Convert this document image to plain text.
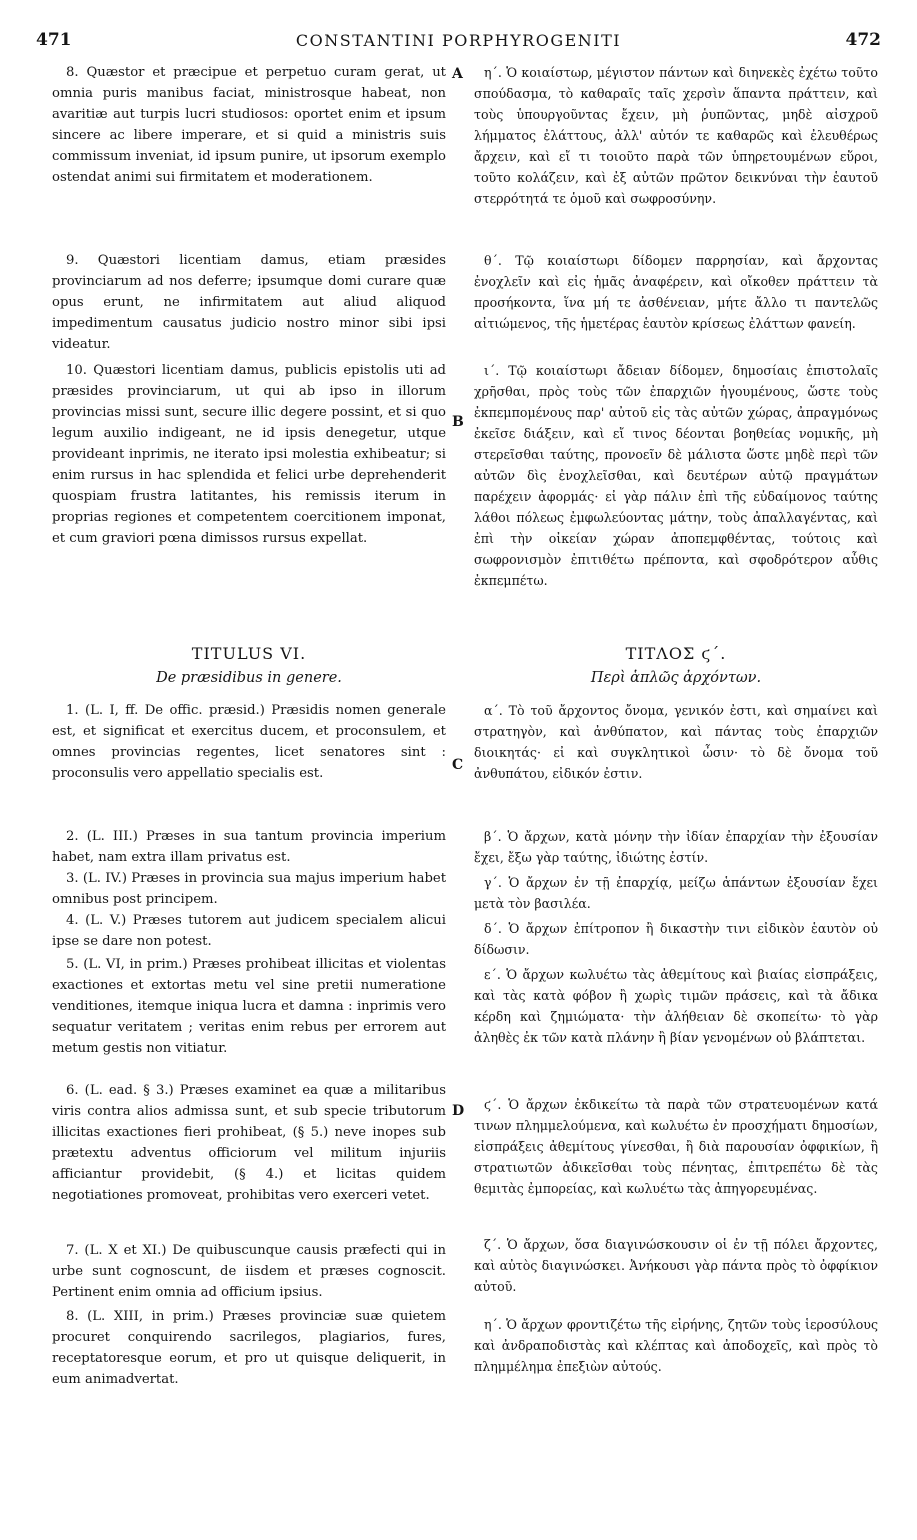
471	CONSTANTINI PORPHYROGENITI	472
A
B
C
D

8. Quæstor et præcipue et perpetuo curam gerat, ut omnia puris manibus faciat, ministrosque habeat, non avaritiæ aut turpis lucri studiosos: oportet enim et ipsum sincere ac libere imperare, et si quid a ministris suis commissum inveniat, id ipsum punire, ut ipsorum exemplo ostendat animi sui firmitatem et moderationem.

9. Quæstori licentiam damus, etiam præsides provinciarum ad nos deferre; ipsumque domi curare quæ opus erunt, ne infirmitatem aut aliud aliquod impedimentum causatus judicio nostro minor sibi ipsi videatur.

10. Quæstori licentiam damus, publicis epistolis uti ad præsides provinciarum, ut qui ab ipso in illorum provincias missi sunt, secure illic degere possint, et si quo legum auxilio indigeant, ne id ipsis denegetur, utque provideant inprimis, ne iterato ipsi molestia exhibeatur; si enim rursus in hac splendida et felici urbe deprehenderit quospiam frustra latitantes, his remissis iterum in proprias regiones et competentem coercitionem imponat, et cum graviori pœna dimissos rursus expellat.

TITULUS VI.

De præsidibus in genere.

1. (L. I, ff. De offic. præsid.) Præsidis nomen generale est, et significat et exercitus ducem, et proconsulem, et omnes provincias regentes, licet senatores sint : proconsulis vero appellatio specialis est.

2. (L. III.) Præses in sua tantum provincia imperium habet, nam extra illam privatus est.

3. (L. IV.) Præses in provincia sua majus imperium habet omnibus post principem.

4. (L. V.) Præses tutorem aut judicem specialem alicui ipse se dare non potest.

5. (L. VI, in prim.) Præses prohibeat illicitas et violentas exactiones et extortas metu vel sine pretii numeratione venditiones, itemque iniqua lucra et damna : inprimis vero sequatur veritatem ; veritas enim rebus per errorem aut metum gestis non vitiatur.

6. (L. ead. § 3.) Præses examinet ea quæ a militaribus viris contra alios admissa sunt, et sub specie tributorum illicitas exactiones fieri prohibeat, (§ 5.) neve inopes sub prætextu adventus officiorum vel militum injuriis afficiantur providebit, (§ 4.) et licitas quidem negotiationes promoveat, prohibitas vero exerceri vetet.

7. (L. X et XI.) De quibuscunque causis præfecti qui in urbe sunt cognoscunt, de iisdem et præses cognoscit. Pertinent enim omnia ad officium ipsius.

8. (L. XIII, in prim.) Præses provinciæ suæ quietem procuret conquirendo sacrilegos, plagiarios, fures, receptatoresque eorum, et pro ut quisque deliquerit, in eum animadvertat.

η΄. Ὁ κοιαίστωρ, μέγιστον πάντων καὶ διηνεκὲς ἐχέτω τοῦτο σπούδασμα, τὸ καθαραῖς ταῖς χερσὶν ἅπαντα πράττειν, καὶ τοὺς ὑπουργοῦντας ἔχειν, μὴ ῥυπῶντας, μηδὲ αἰσχροῦ λήμματος ἐλάττους, ἀλλ' αὐτόν τε καθαρῶς καὶ ἐλευθέρως ἄρχειν, καὶ εἴ τι τοιοῦτο παρὰ τῶν ὑπηρετουμένων εὕροι, τοῦτο κολάζειν, καὶ ἐξ αὐτῶν πρῶτον δεικνύναι τὴν ἑαυτοῦ στερρότητά τε ὁμοῦ καὶ σωφροσύνην.

θ΄. Τῷ κοιαίστωρι δίδομεν παρρησίαν, καὶ ἄρχοντας ἐνοχλεῖν καὶ εἰς ἡμᾶς ἀναφέρειν, καὶ οἴκοθεν πράττειν τὰ προσήκοντα, ἵνα μή τε ἀσθένειαν, μήτε ἄλλο τι παντελῶς αἰτιώμενος, τῆς ἡμετέρας ἑαυτὸν κρίσεως ἐλάττων φανείη.

ι΄. Τῷ κοιαίστωρι ἄδειαν δίδομεν, δημοσίαις ἐπιστολαῖς χρῆσθαι, πρὸς τοὺς τῶν ἐπαρχιῶν ἡγουμένους, ὥστε τοὺς ἐκπεμπομένους παρ' αὐτοῦ εἰς τὰς αὐτῶν χώρας, ἀπραγμόνως ἐκεῖσε διάξειν, καὶ εἴ τινος δέονται βοηθείας νομικῆς, μὴ στερεῖσθαι ταύτης, προνοεῖν δὲ μάλιστα ὥστε μηδὲ περὶ τῶν αὐτῶν δὶς ἐνοχλεῖσθαι, καὶ δευτέρων αὐτῷ πραγμάτων παρέχειν ἀφορμάς· εἰ γὰρ πάλιν ἐπὶ τῆς εὐδαίμονος ταύτης λάθοι πόλεως ἐμφωλεύοντας μάτην, τοὺς ἀπαλλαγέντας, καὶ ἐπὶ τὴν οἰκείαν χώραν ἀποπεμφθέντας, τούτοις καὶ σωφρονισμὸν ἐπιτιθέτω πρέποντα, καὶ σφοδρότερον αὖθις ἐκπεμπέτω.

ΤΙΤΛΟΣ ϛ΄.

Περὶ ἁπλῶς ἀρχόντων.

α΄. Τὸ τοῦ ἄρχοντος ὄνομα, γενικόν ἐστι, καὶ σημαίνει καὶ στρατηγὸν, καὶ ἀνθύπατον, καὶ πάντας τοὺς ἐπαρχιῶν διοικητάς· εἰ καὶ συγκλητικοὶ ὦσιν· τὸ δὲ ὄνομα τοῦ ἀνθυπάτου, εἰδικόν ἐστιν.

β΄. Ὁ ἄρχων, κατὰ μόνην τὴν ἰδίαν ἐπαρχίαν τὴν ἐξουσίαν ἔχει, ἔξω γὰρ ταύτης, ἰδιώτης ἐστίν.

γ΄. Ὁ ἄρχων ἐν τῇ ἐπαρχίᾳ, μείζω ἁπάντων ἐξουσίαν ἔχει μετὰ τὸν βασιλέα.

δ΄. Ὁ ἄρχων ἐπίτροπον ἢ δικαστὴν τινι εἰδικὸν ἑαυτὸν οὐ δίδωσιν.

ε΄. Ὁ ἄρχων κωλυέτω τὰς ἀθεμίτους καὶ βιαίας εἰσπράξεις, καὶ τὰς κατὰ φόβον ἢ χωρὶς τιμῶν πράσεις, καὶ τὰ ἄδικα κέρδη καὶ ζημιώματα· τὴν ἀλήθειαν δὲ σκοπείτω· τὸ γὰρ ἀληθὲς ἐκ τῶν κατὰ πλάνην ἢ βίαν γενομένων οὐ βλάπτεται.

ϛ΄. Ὁ ἄρχων ἐκδικείτω τὰ παρὰ τῶν στρατευομένων κατά τινων πλημμελούμενα, καὶ κωλυέτω ἐν προσχήματι δημοσίων, εἰσπράξεις ἀθεμίτους γίνεσθαι, ἢ διὰ παρουσίαν ὀφφικίων, ἢ στρατιωτῶν ἀδικεῖσθαι τοὺς πένητας, ἐπιτρεπέτω δὲ τὰς θεμιτὰς ἐμπορείας, καὶ κωλυέτω τὰς ἀπηγορευμένας.

ζ΄. Ὁ ἄρχων, ὅσα διαγινώσκουσιν οἱ ἐν τῇ πόλει ἄρχοντες, καὶ αὐτὸς διαγινώσκει. Ἀνήκουσι γὰρ πάντα πρὸς τὸ ὀφφίκιον αὐτοῦ.

η΄. Ὁ ἄρχων φροντιζέτω τῆς εἰρήνης, ζητῶν τοὺς ἱεροσύλους καὶ ἀνδραποδιστὰς καὶ κλέπτας καὶ ἀποδοχεῖς, καὶ πρὸς τὸ πλημμέλημα ἐπεξιὼν αὐτούς.
